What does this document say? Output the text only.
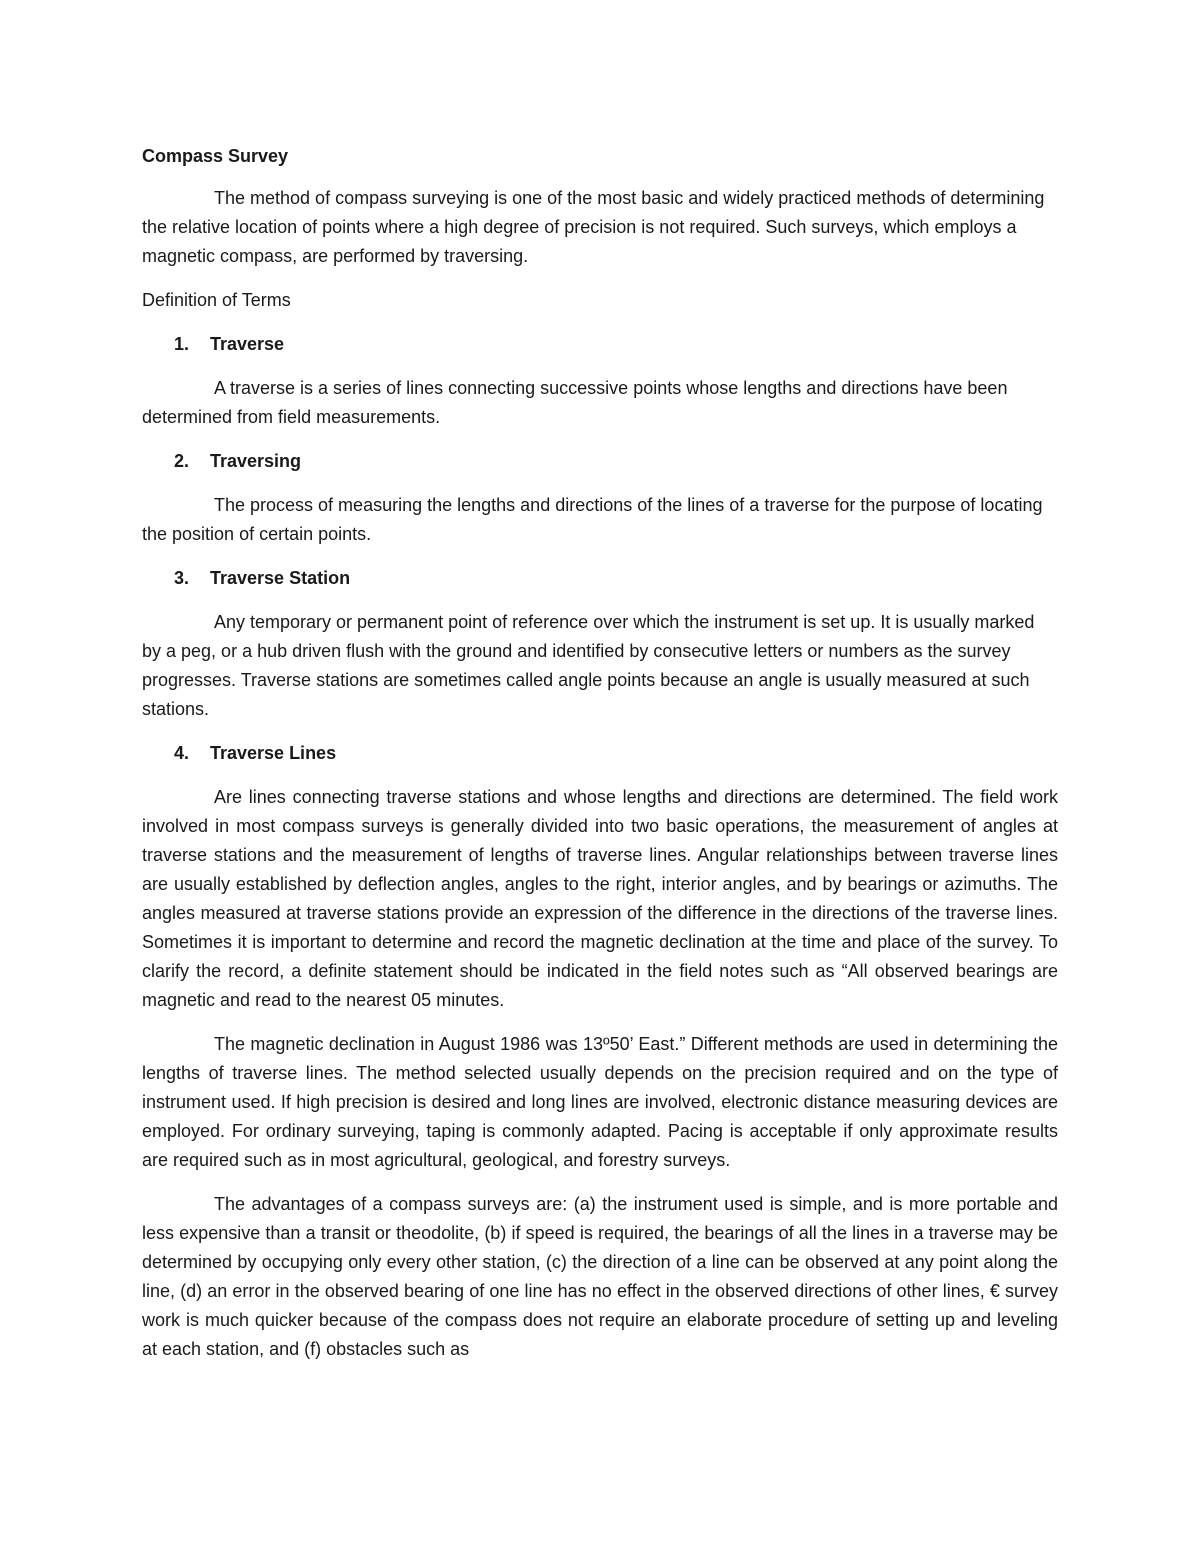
Compass Survey
The method of compass surveying is one of the most basic and widely practiced methods of determining the relative location of points where a high degree of precision is not required. Such surveys, which employs a magnetic compass, are performed by traversing.
Definition of Terms
1.	Traverse
A traverse is a series of lines connecting successive points whose lengths and directions have been determined from field measurements.
2.	Traversing
The process of measuring the lengths and directions of the lines of a traverse for the purpose of locating the position of certain points.
3.	Traverse Station
Any temporary or permanent point of reference over which the instrument is set up. It is usually marked by a peg, or a hub driven flush with the ground and identified by consecutive letters or numbers as the survey progresses. Traverse stations are sometimes called angle points because an angle is usually measured at such stations.
4.	Traverse Lines
Are lines connecting traverse stations and whose lengths and directions are determined. The field work involved in most compass surveys is generally divided into two basic operations, the measurement of angles at traverse stations and the measurement of lengths of traverse lines. Angular relationships between traverse lines are usually established by deflection angles, angles to the right, interior angles, and by bearings or azimuths. The angles measured at traverse stations provide an expression of the difference in the directions of the traverse lines. Sometimes it is important to determine and record the magnetic declination at the time and place of the survey. To clarify the record, a definite statement should be indicated in the field notes such as “All observed bearings are magnetic and read to the nearest 05 minutes.
The magnetic declination in August 1986 was 13º50’ East.” Different methods are used in determining the lengths of traverse lines. The method selected usually depends on the precision required and on the type of instrument used. If high precision is desired and long lines are involved, electronic distance measuring devices are employed. For ordinary surveying, taping is commonly adapted. Pacing is acceptable if only approximate results are required such as in most agricultural, geological, and forestry surveys.
The advantages of a compass surveys are: (a) the instrument used is simple, and is more portable and less expensive than a transit or theodolite, (b) if speed is required, the bearings of all the lines in a traverse may be determined by occupying only every other station, (c) the direction of a line can be observed at any point along the line, (d) an error in the observed bearing of one line has no effect in the observed directions of other lines, € survey work is much quicker because of the compass does not require an elaborate procedure of setting up and leveling at each station, and (f) obstacles such as
